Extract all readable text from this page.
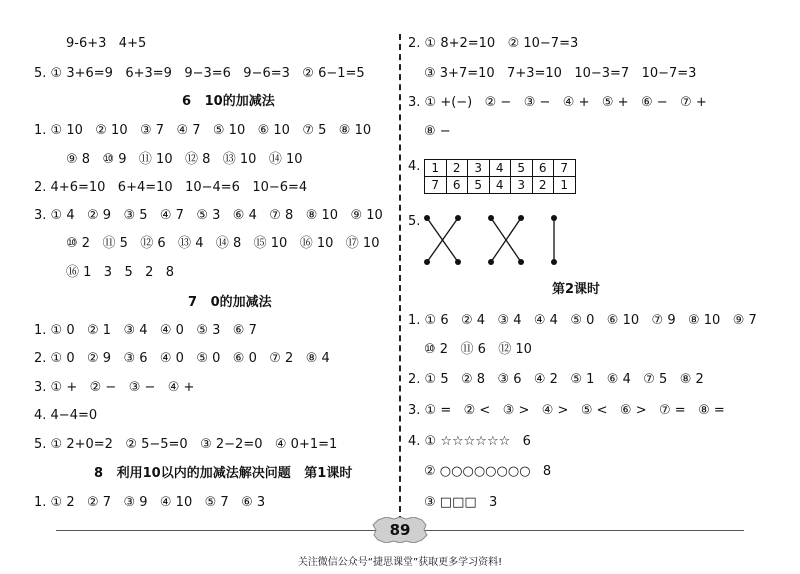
9-6+3   4+5
5. ① 3+6=9   6+3=9   9−3=6   9−6=3   ② 6−1=5
6   10的加减法
1. ① 10   ② 10   ③ 7   ④ 7   ⑤ 10   ⑥ 10   ⑦ 5   ⑧ 10
⑨ 8   ⑩ 9   ⑪ 10   ⑫ 8   ⑬ 10   ⑭ 10
2. 4+6=10   6+4=10   10−4=6   10−6=4
3. ① 4   ② 9   ③ 5   ④ 7   ⑤ 3   ⑥ 4   ⑦ 8   ⑧ 10   ⑨ 10
⑩ 2   ⑪ 5   ⑫ 6   ⑬ 4   ⑭ 8   ⑮ 10   ⑯ 10   ⑰ 10
⑯ 1   3   5   2   8
7   0的加减法
1. ① 0   ② 1   ③ 4   ④ 0   ⑤ 3   ⑥ 7
2. ① 0   ② 9   ③ 6   ④ 0   ⑤ 0   ⑥ 0   ⑦ 2   ⑧ 4
3. ① +   ② −   ③ −   ④ +
4. 4−4=0
5. ① 2+0=2   ② 5−5=0   ③ 2−2=0   ④ 0+1=1
8   利用10以内的加减法解决问题   第1课时
1. ① 2   ② 7   ③ 9   ④ 10   ⑤ 7   ⑥ 3
2. ① 8+2=10   ② 10−7=3
③ 3+7=10   7+3=10   10−3=7   10−7=3
3. ① +(−)   ② −   ③ −   ④ +   ⑤ +   ⑥ −   ⑦ +
⑧ −
4. 1	2	3	4	5	6	7
7	6	5	4	3	2	1
5.
第2课时
1. ① 6   ② 4   ③ 4   ④ 4   ⑤ 0   ⑥ 10   ⑦ 9   ⑧ 10   ⑨ 7
⑩ 2   ⑪ 6   ⑫ 10
2. ① 5   ② 8   ③ 6   ④ 2   ⑤ 1   ⑥ 4   ⑦ 5   ⑧ 2
3. ① =   ② <   ③ >   ④ >   ⑤ <   ⑥ >   ⑦ =   ⑧ =
4. ① ☆☆☆☆☆☆   6
② ○○○○○○○○   8
③ □□□   3
89
关注微信公众号“捷思课堂”获取更多学习资料!
